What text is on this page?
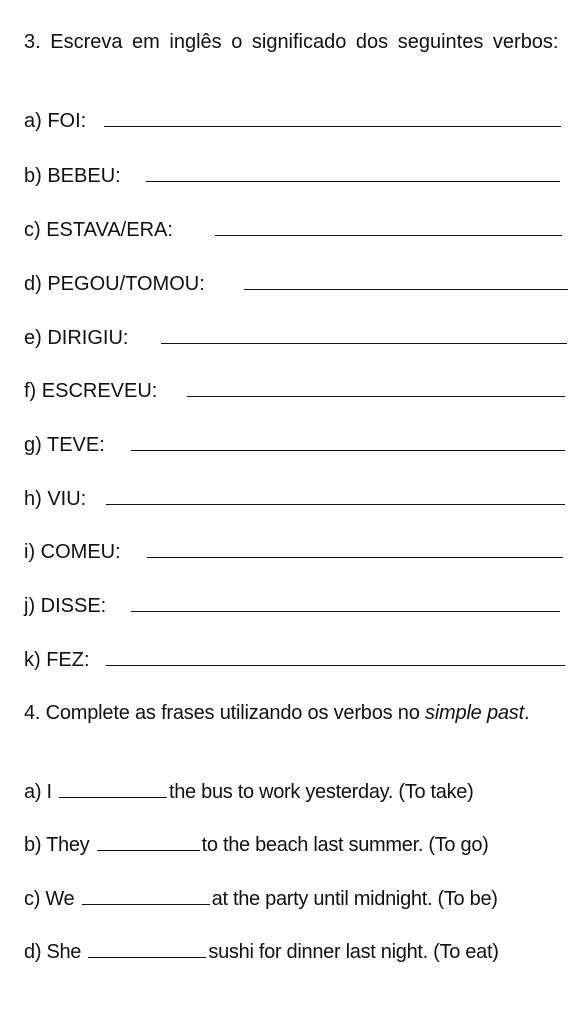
3. Escreva em inglês o significado dos seguintes verbos:

a) FOI:
b) BEBEU:
c) ESTAVA/ERA:
d) PEGOU/TOMOU:
e) DIRIGIU:
f) ESCREVEU:
g) TEVE:
h) VIU:
i) COMEU:
j) DISSE:
k) FEZ:

4. Complete as frases utilizando os verbos no simple past.

a) I	the bus to work yesterday. (To take)
b) They	to the beach last summer. (To go)
c) We	at the party until midnight. (To be)
d) She	sushi for dinner last night. (To eat)
